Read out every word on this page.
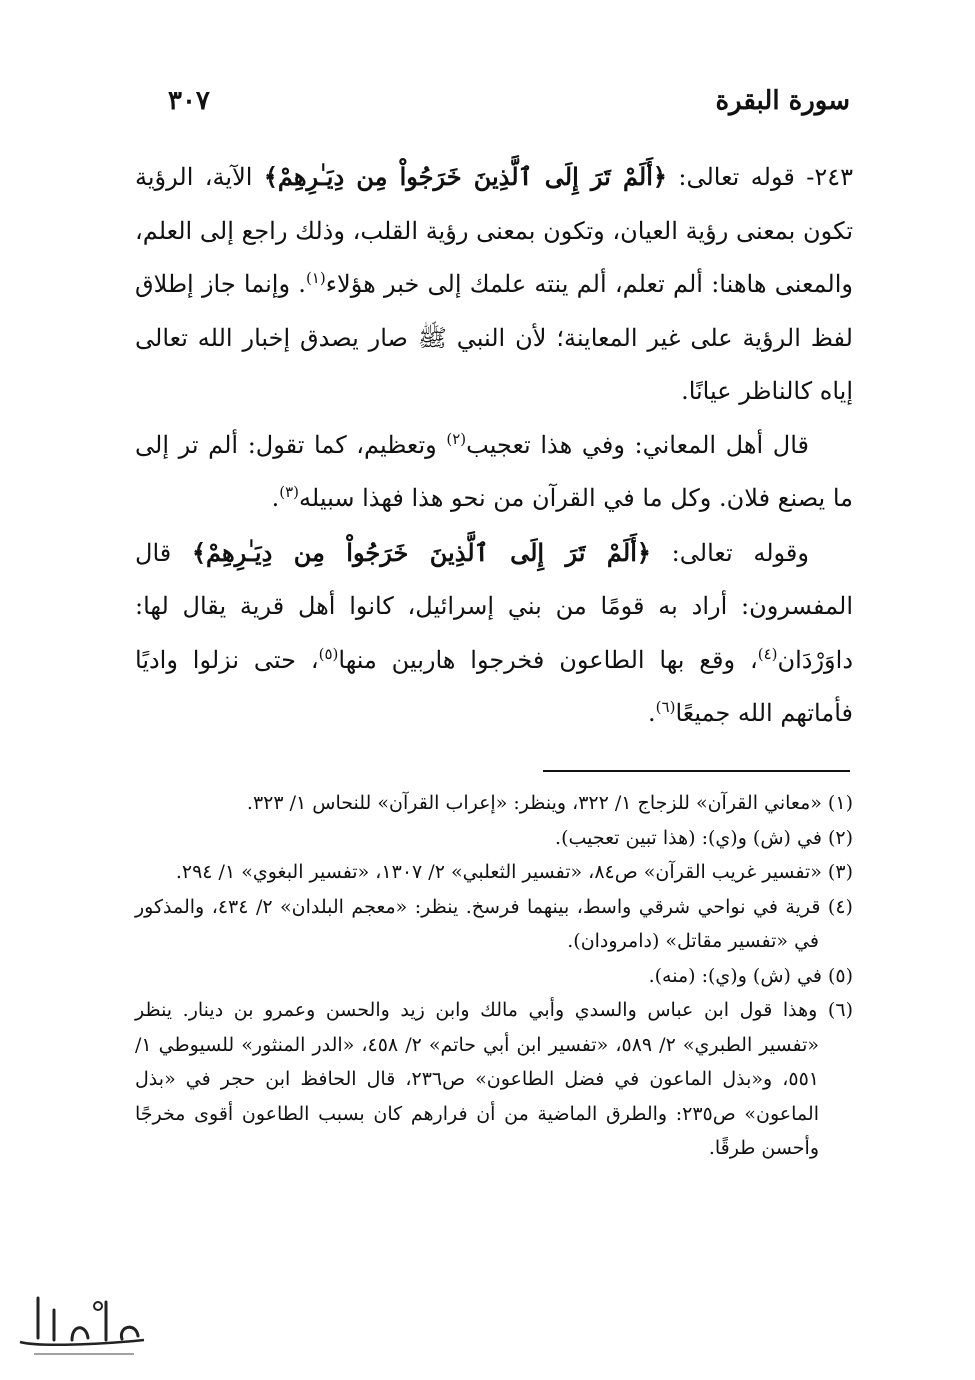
سورة البقرة
٣٠٧

٢٤٣- قوله تعالى: ﴿أَلَمْ تَرَ إِلَى ٱلَّذِينَ خَرَجُواْ مِن دِيَـٰرِهِمْ﴾ الآية، الرؤية تكون بمعنى رؤية العيان، وتكون بمعنى رؤية القلب، وذلك راجع إلى العلم، والمعنى هاهنا: ألم تعلم، ألم ينته علمك إلى خبر هؤلاء$^{(١)}$. وإنما جاز إطلاق لفظ الرؤية على غير المعاينة؛ لأن النبي ﷺ صار يصدق إخبار الله تعالى إياه كالناظر عيانًا.

قال أهل المعاني: وفي هذا تعجيب$^{(٢)}$ وتعظيم، كما تقول: ألم تر إلى ما يصنع فلان. وكل ما في القرآن من نحو هذا فهذا سبيله$^{(٣)}$.

وقوله تعالى: ﴿أَلَمْ تَرَ إِلَى ٱلَّذِينَ خَرَجُواْ مِن دِيَـٰرِهِمْ﴾ قال المفسرون: أراد به قومًا من بني إسرائيل، كانوا أهل قرية يقال لها: داوَرْدَان$^{(٤)}$، وقع بها الطاعون فخرجوا هاربين منها$^{(٥)}$، حتى نزلوا واديًا فأماتهم الله جميعًا$^{(٦)}$.

(١) «معاني القرآن» للزجاج ١/ ٣٢٢، وينظر: «إعراب القرآن» للنحاس ١/ ٣٢٣.

(٢) في (ش) و(ي): (هذا تبين تعجيب).

(٣) «تفسير غريب القرآن» ص٨٤، «تفسير الثعلبي» ٢/ ١٣٠٧، «تفسير البغوي» ١/ ٢٩٤.

(٤) قرية في نواحي شرقي واسط، بينهما فرسخ. ينظر: «معجم البلدان» ٢/ ٤٣٤، والمذكور في «تفسير مقاتل» (دامرودان).

(٥) في (ش) و(ي): (منه).

(٦) وهذا قول ابن عباس والسدي وأبي مالك وابن زيد والحسن وعمرو بن دينار. ينظر «تفسير الطبري» ٢/ ٥٨٩، «تفسير ابن أبي حاتم» ٢/ ٤٥٨، «الدر المنثور» للسيوطي ١/ ٥٥١، و«بذل الماعون في فضل الطاعون» ص٢٣٦، قال الحافظ ابن حجر في «بذل الماعون» ص٢٣٥: والطرق الماضية من أن فرارهم كان بسبب الطاعون أقوى مخرجًا وأحسن طرقًا.
